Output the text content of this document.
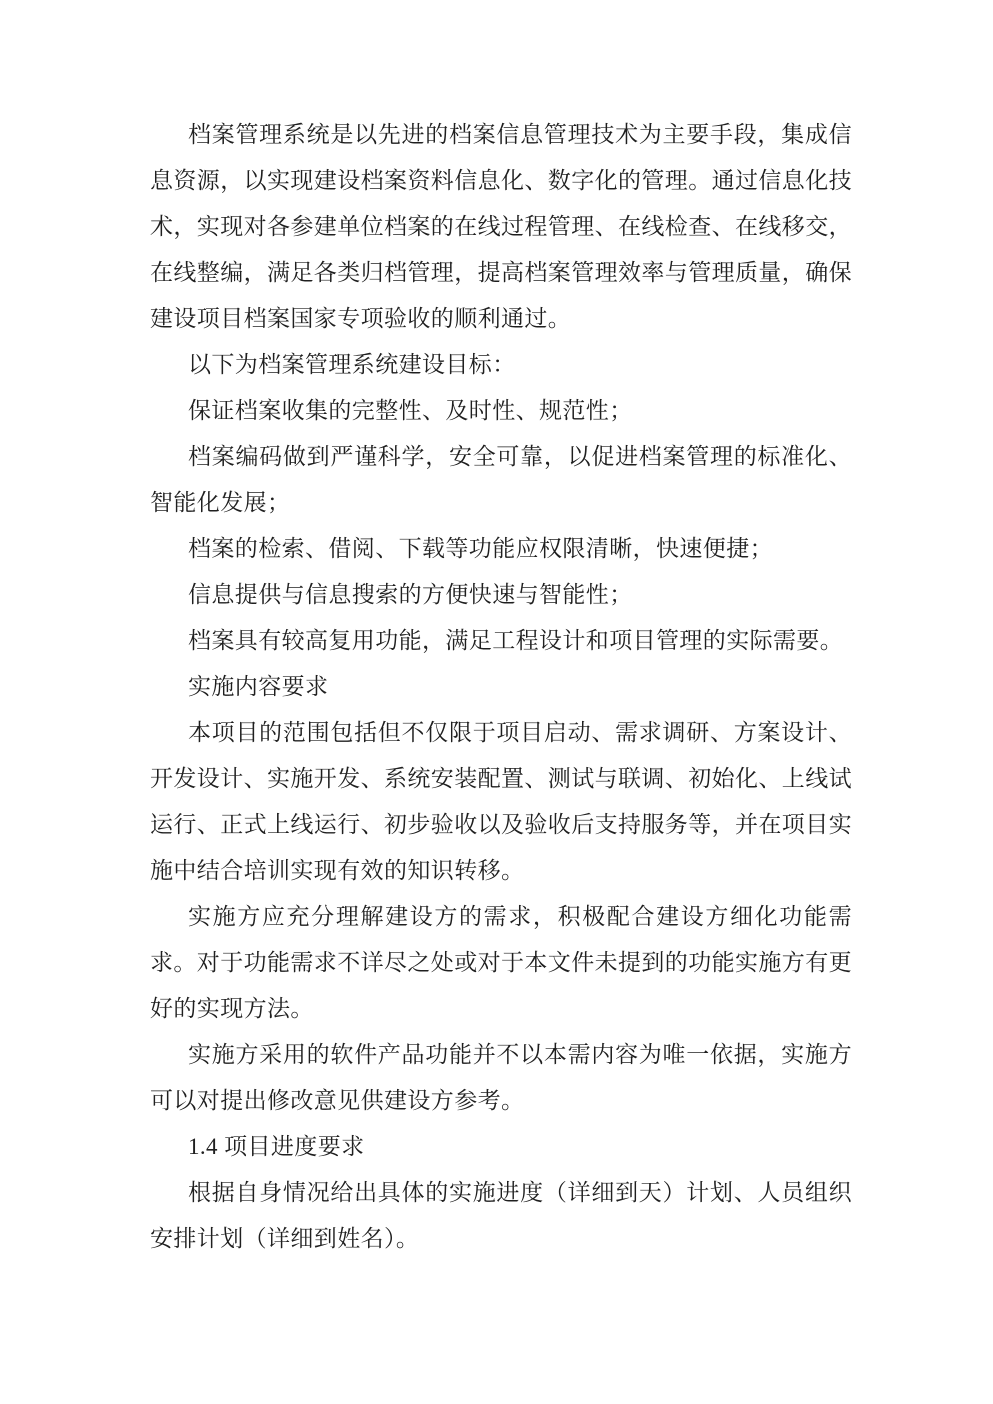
档案管理系统是以先进的档案信息管理技术为主要手段，集成信息资源，以实现建设档案资料信息化、数字化的管理。通过信息化技术，实现对各参建单位档案的在线过程管理、在线检查、在线移交，在线整编，满足各类归档管理，提高档案管理效率与管理质量，确保建设项目档案国家专项验收的顺利通过。

以下为档案管理系统建设目标：

保证档案收集的完整性、及时性、规范性；

档案编码做到严谨科学，安全可靠，以促进档案管理的标准化、智能化发展；

档案的检索、借阅、下载等功能应权限清晰，快速便捷；

信息提供与信息搜索的方便快速与智能性；

档案具有较高复用功能，满足工程设计和项目管理的实际需要。

实施内容要求

本项目的范围包括但不仅限于项目启动、需求调研、方案设计、开发设计、实施开发、系统安装配置、测试与联调、初始化、上线试运行、正式上线运行、初步验收以及验收后支持服务等，并在项目实施中结合培训实现有效的知识转移。

实施方应充分理解建设方的需求，积极配合建设方细化功能需求。对于功能需求不详尽之处或对于本文件未提到的功能实施方有更好的实现方法。

实施方采用的软件产品功能并不以本需内容为唯一依据，实施方可以对提出修改意见供建设方参考。

1.4 项目进度要求

根据自身情况给出具体的实施进度（详细到天）计划、人员组织安排计划（详细到姓名）。
